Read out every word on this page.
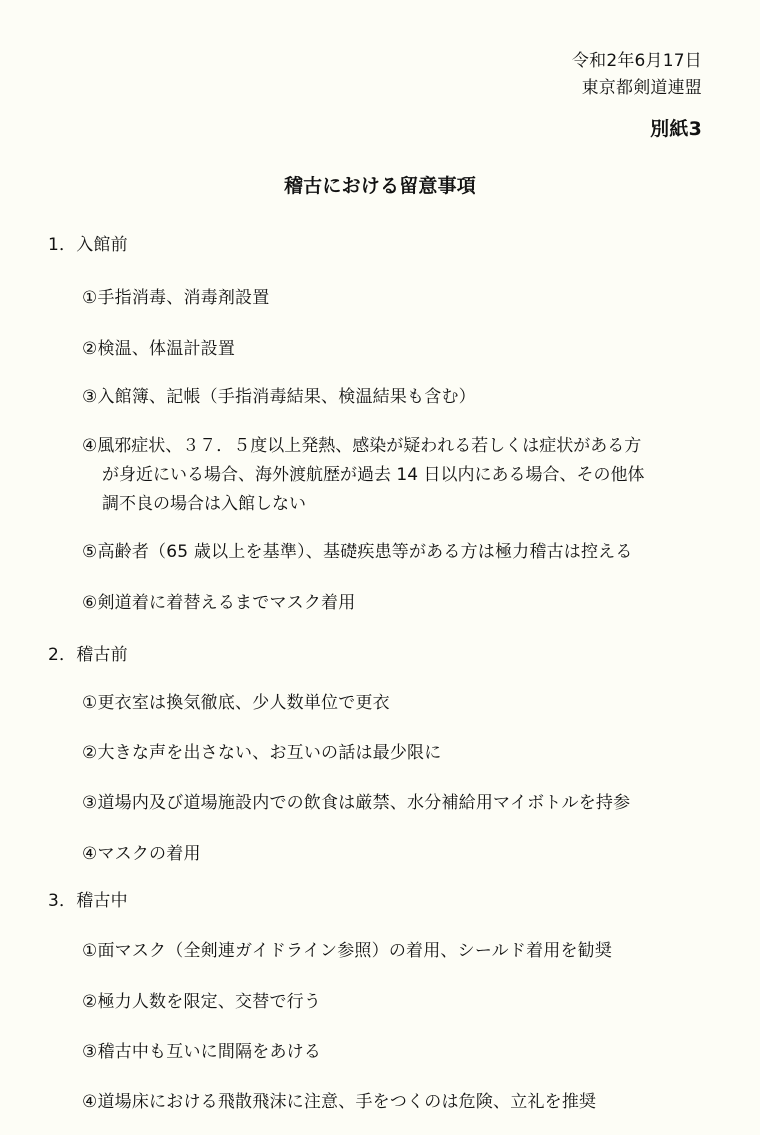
令和2年6月17日
東京都剣道連盟
別紙3
稽古における留意事項
1．入館前
①手指消毒、消毒剤設置
②検温、体温計設置
③入館簿、記帳（手指消毒結果、検温結果も含む）
④風邪症状、３７．５度以上発熱、感染が疑われる若しくは症状がある方
が身近にいる場合、海外渡航歴が過去 14 日以内にある場合、その他体
調不良の場合は入館しない
⑤高齢者（65 歳以上を基準）、基礎疾患等がある方は極力稽古は控える
⑥剣道着に着替えるまでマスク着用
2．稽古前
①更衣室は換気徹底、少人数単位で更衣
②大きな声を出さない、お互いの話は最少限に
③道場内及び道場施設内での飲食は厳禁、水分補給用マイボトルを持参
④マスクの着用
3．稽古中
①面マスク（全剣連ガイドライン参照）の着用、シールド着用を勧奨
②極力人数を限定、交替で行う
③稽古中も互いに間隔をあける
④道場床における飛散飛沫に注意、手をつくのは危険、立礼を推奨
